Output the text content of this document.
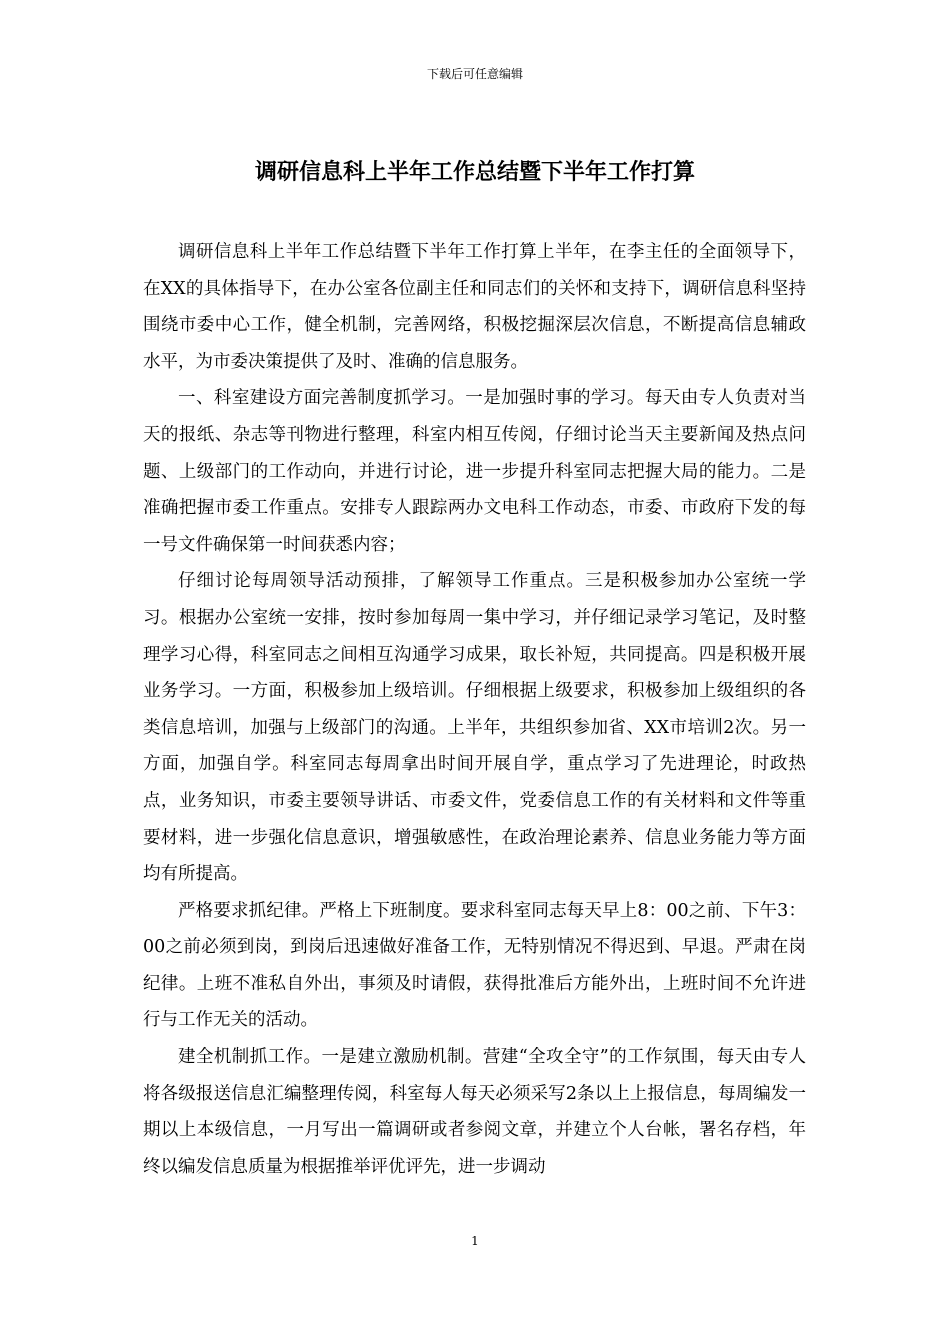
下载后可任意编辑
调研信息科上半年工作总结暨下半年工作打算

调研信息科上半年工作总结暨下半年工作打算上半年，在李主任的全面领导下，在XX的具体指导下，在办公室各位副主任和同志们的关怀和支持下，调研信息科坚持围绕市委中心工作，健全机制，完善网络，积极挖掘深层次信息，不断提高信息辅政水平，为市委决策提供了及时、准确的信息服务。

一、科室建设方面完善制度抓学习。一是加强时事的学习。每天由专人负责对当天的报纸、杂志等刊物进行整理，科室内相互传阅，仔细讨论当天主要新闻及热点问题、上级部门的工作动向，并进行讨论，进一步提升科室同志把握大局的能力。二是准确把握市委工作重点。安排专人跟踪两办文电科工作动态，市委、市政府下发的每一号文件确保第一时间获悉内容；

仔细讨论每周领导活动预排，了解领导工作重点。三是积极参加办公室统一学习。根据办公室统一安排，按时参加每周一集中学习，并仔细记录学习笔记，及时整理学习心得，科室同志之间相互沟通学习成果，取长补短，共同提高。四是积极开展业务学习。一方面，积极参加上级培训。仔细根据上级要求，积极参加上级组织的各类信息培训，加强与上级部门的沟通。上半年，共组织参加省、XX市培训2次。另一方面，加强自学。科室同志每周拿出时间开展自学，重点学习了先进理论，时政热点，业务知识，市委主要领导讲话、市委文件，党委信息工作的有关材料和文件等重要材料，进一步强化信息意识，增强敏感性，在政治理论素养、信息业务能力等方面均有所提高。

严格要求抓纪律。严格上下班制度。要求科室同志每天早上8：00之前、下午3：00之前必须到岗，到岗后迅速做好准备工作，无特别情况不得迟到、早退。严肃在岗纪律。上班不准私自外出，事须及时请假，获得批准后方能外出，上班时间不允许进行与工作无关的活动。

建全机制抓工作。一是建立激励机制。营建“全攻全守”的工作氛围，每天由专人将各级报送信息汇编整理传阅，科室每人每天必须采写2条以上上报信息，每周编发一期以上本级信息，一月写出一篇调研或者参阅文章，并建立个人台帐，署名存档，年终以编发信息质量为根据推举评优评先，进一步调动

1
